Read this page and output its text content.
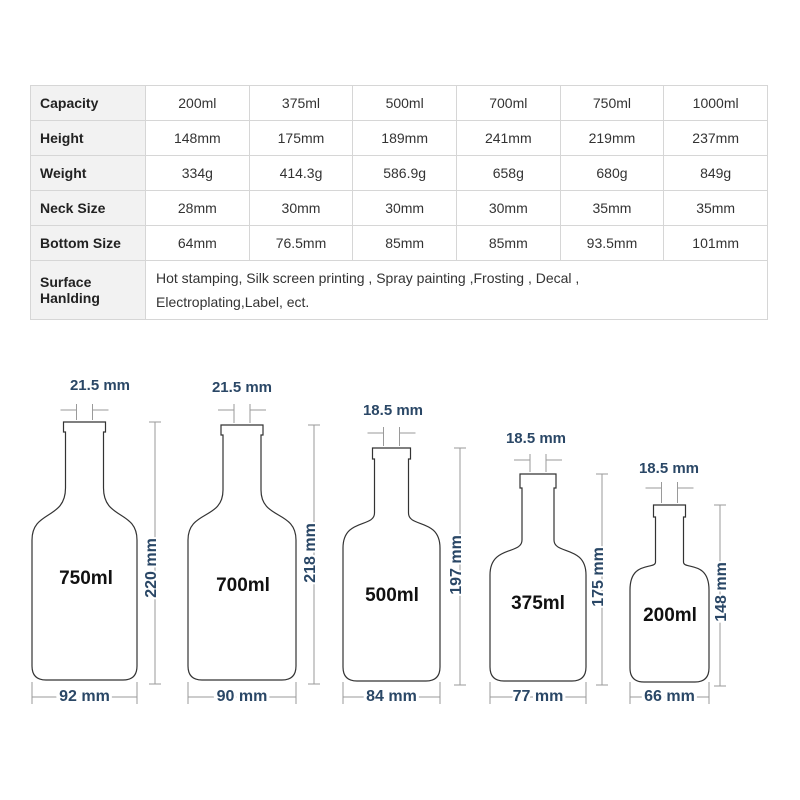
Capacity	200ml	375ml	500ml	700ml	750ml	1000ml
Height	148mm	175mm	189mm	241mm	219mm	237mm
Weight	334g	414.3g	586.9g	658g	680g	849g
Neck Size	28mm	30mm	30mm	30mm	35mm	35mm
Bottom Size	64mm	76.5mm	85mm	85mm	93.5mm	101mm
Surface
Hanlding	Hot stamping, Silk screen printing , Spray painting ,Frosting , Decal ,
Electroplating,Label, ect.					
750ml
21.5 mm
220 mm
92 mm
700ml
21.5 mm
218 mm
90 mm
500ml
18.5 mm
197 mm
84 mm
375ml
18.5 mm
175 mm
77 mm
200ml
18.5 mm
148 mm
66 mm
